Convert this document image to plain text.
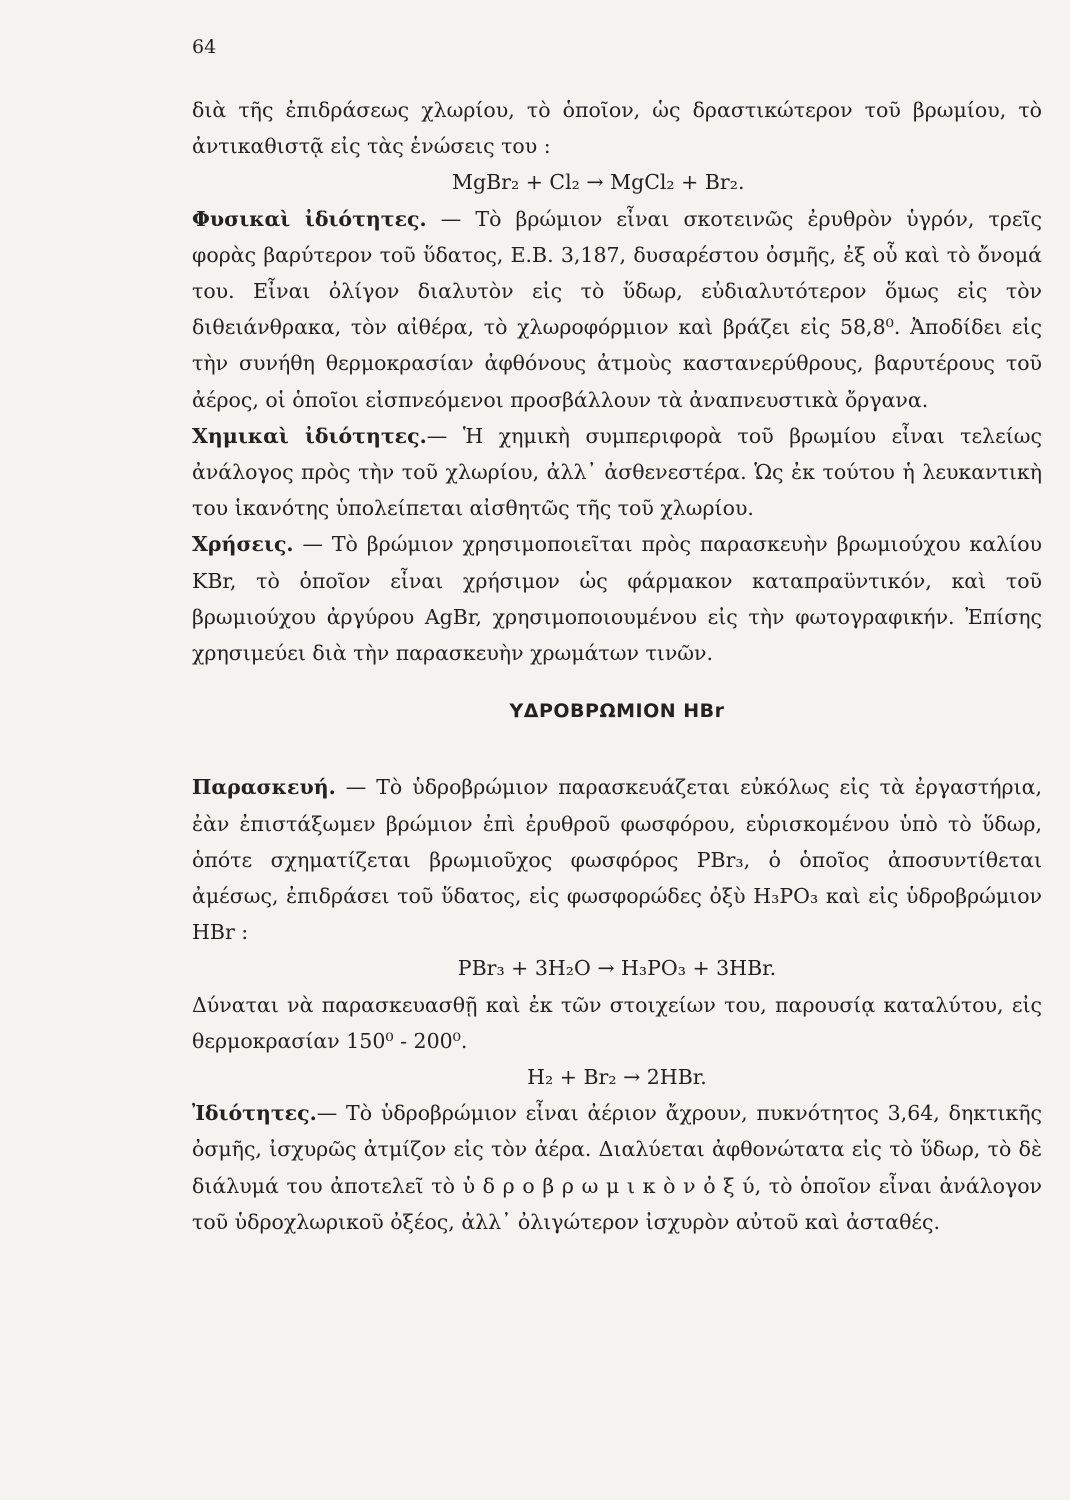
64

διὰ τῆς ἐπιδράσεως χλωρίου, τὸ ὁποῖον, ὡς δραστικώτερον τοῦ βρωμίου, τὸ ἀντικαθιστᾷ εἰς τὰς ἑνώσεις του :

MgBr₂ + Cl₂ → MgCl₂ + Br₂.

Φυσικαὶ ἰδιότητες. — Τὸ βρώμιον εἶναι σκοτεινῶς ἐρυθρὸν ὑγρόν, τρεῖς φορὰς βαρύτερον τοῦ ὕδατος, Ε.Β. 3,187, δυσαρέστου ὀσμῆς, ἐξ οὗ καὶ τὸ ὄνομά του. Εἶναι ὀλίγον διαλυτὸν εἰς τὸ ὕδωρ, εὐδιαλυτότερον ὅμως εἰς τὸν διθειάνθρακα, τὸν αἰθέρα, τὸ χλωροφόρμιον καὶ βράζει εἰς 58,8⁰. Ἀποδίδει εἰς τὴν συνήθη θερμοκρασίαν ἀφθόνους ἀτμοὺς καστανερύθρους, βαρυτέρους τοῦ ἀέρος, οἱ ὁποῖοι εἰσπνεόμενοι προσβάλλουν τὰ ἀναπνευστικὰ ὄργανα.

Χημικαὶ ἰδιότητες.— Ἡ χημικὴ συμπεριφορὰ τοῦ βρωμίου εἶναι τελείως ἀνάλογος πρὸς τὴν τοῦ χλωρίου, ἀλλ᾽ ἀσθενεστέρα. Ὡς ἐκ τούτου ἡ λευκαντικὴ του ἱκανότης ὑπολείπεται αἰσθητῶς τῆς τοῦ χλωρίου.

Χρήσεις. — Τὸ βρώμιον χρησιμοποιεῖται πρὸς παρασκευὴν βρωμιούχου καλίου KBr, τὸ ὁποῖον εἶναι χρήσιμον ὡς φάρμακον καταπραϋντικόν, καὶ τοῦ βρωμιούχου ἀργύρου AgBr, χρησιμοποιουμένου εἰς τὴν φωτογραφικήν. Ἐπίσης χρησιμεύει διὰ τὴν παρασκευὴν χρωμάτων τινῶν.

ΥΔΡΟΒΡΩΜΙΟΝ HBr

Παρασκευή. — Τὸ ὑδροβρώμιον παρασκευάζεται εὐκόλως εἰς τὰ ἐργαστήρια, ἐὰν ἐπιστάξωμεν βρώμιον ἐπὶ ἐρυθροῦ φωσφόρου, εὑρισκομένου ὑπὸ τὸ ὕδωρ, ὁπότε σχηματίζεται βρωμιοῦχος φωσφόρος PBr₃, ὁ ὁποῖος ἀποσυντίθεται ἀμέσως, ἐπιδράσει τοῦ ὕδατος, εἰς φωσφορώδες ὀξὺ H₃PO₃ καὶ εἰς ὑδροβρώμιον HBr :

PBr₃ + 3H₂O → H₃PO₃ + 3HBr.

Δύναται νὰ παρασκευασθῇ καὶ ἐκ τῶν στοιχείων του, παρουσίᾳ καταλύτου, εἰς θερμοκρασίαν 150⁰ - 200⁰.

H₂ + Br₂ → 2HBr.

Ἰδιότητες.— Τὸ ὑδροβρώμιον εἶναι ἀέριον ἄχρουν, πυκνότητος 3,64, δηκτικῆς ὀσμῆς, ἰσχυρῶς ἀτμίζον εἰς τὸν ἀέρα. Διαλύεται ἀφθονώτατα εἰς τὸ ὕδωρ, τὸ δὲ διάλυμά του ἀποτελεῖ τὸ ὑ δ ρ ο β ρ ω μ ι κ ὸ ν ὀ ξ ύ, τὸ ὁποῖον εἶναι ἀνάλογον τοῦ ὑδροχλωρικοῦ ὀξέος, ἀλλ᾽ ὀλιγώτερον ἰσχυρὸν αὐτοῦ καὶ ἀσταθές.
